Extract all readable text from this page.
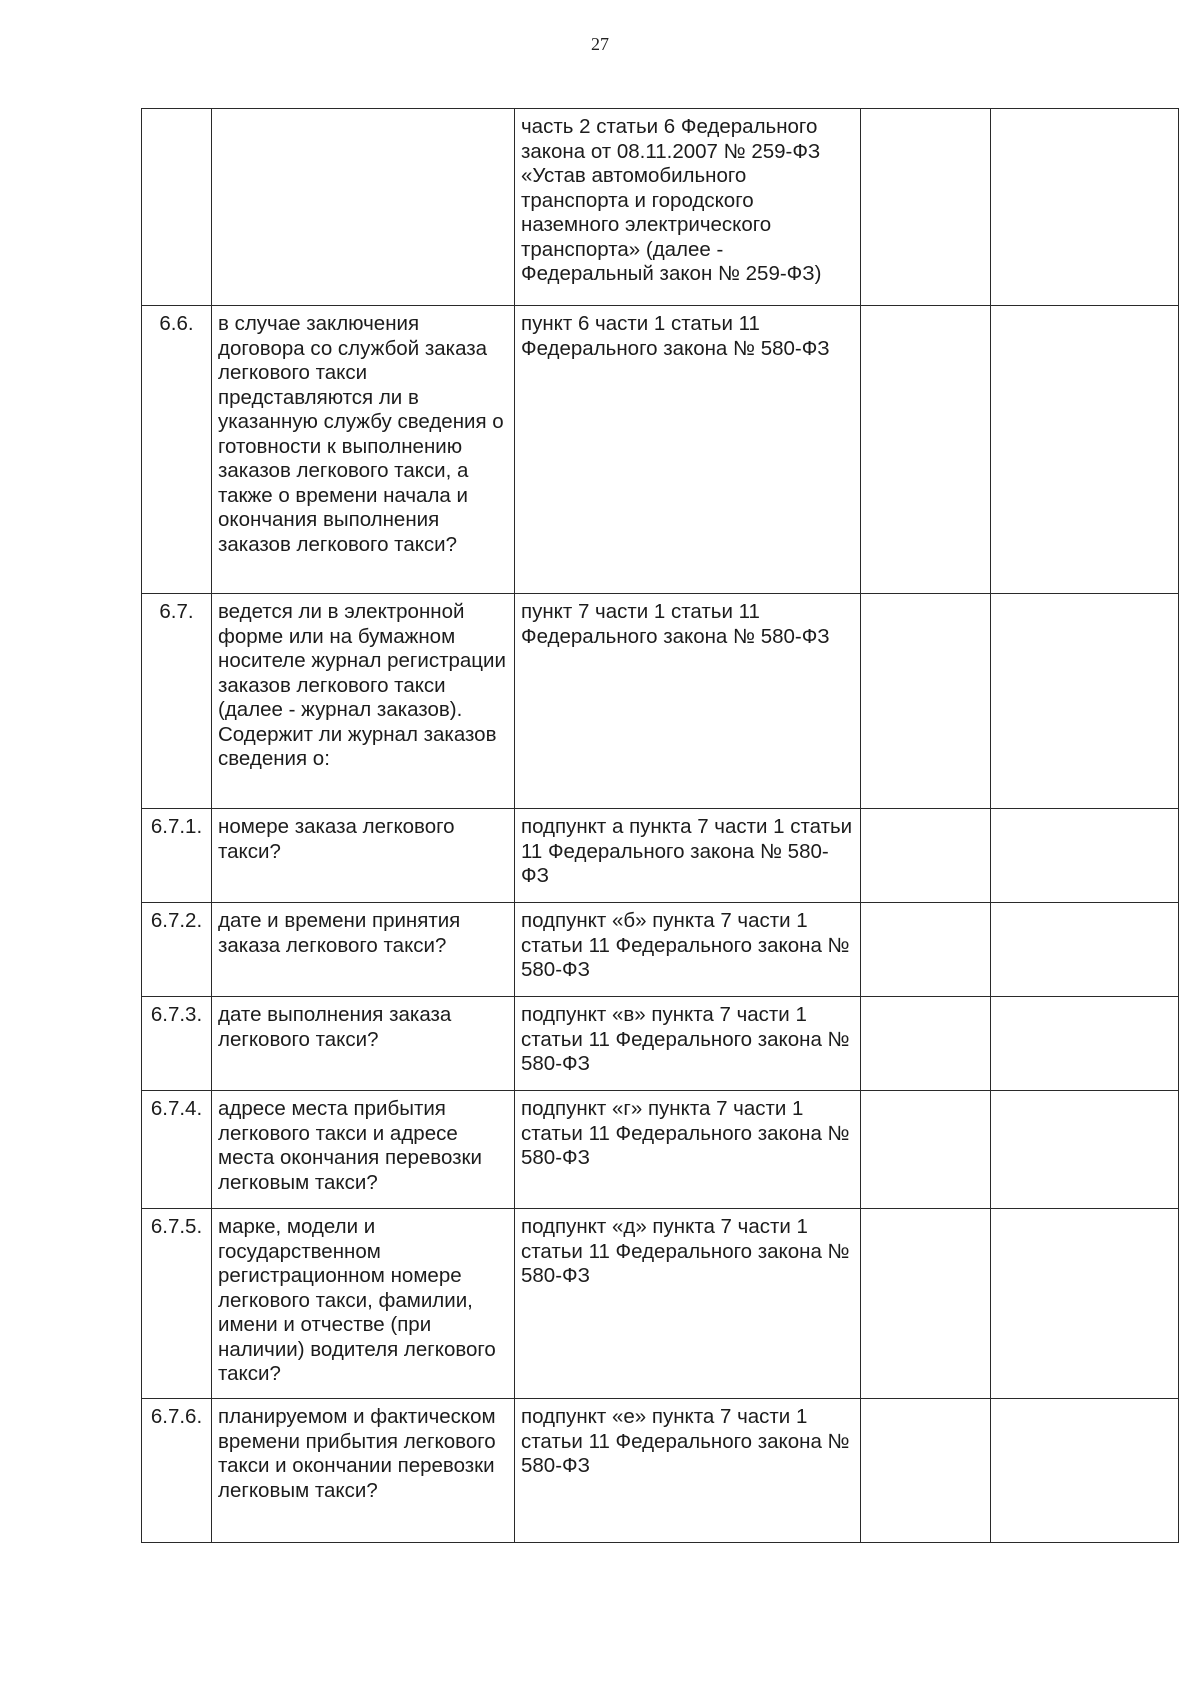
27
		часть 2 статьи 6 Федерального закона от 08.11.2007 № 259-ФЗ «Устав автомобильного транспорта и городского наземного электрического транспорта» (далее - Федеральный закон № 259-ФЗ)		
6.6.	в случае заключения договора со службой заказа легкового такси представляются ли в указанную службу сведения о готовности к выполнению заказов легкового такси, а также о времени начала и окончания выполнения заказов легкового такси?	пункт 6 части 1 статьи 11 Федерального закона № 580-ФЗ		
6.7.	ведется ли в электронной форме или на бумажном носителе журнал регистрации заказов легкового такси (далее - журнал заказов). Содержит ли журнал заказов сведения о:	пункт 7 части 1 статьи 11 Федерального закона № 580-ФЗ		
6.7.1.	номере заказа легкового такси?	подпункт а пункта 7 части 1 статьи 11 Федерального закона № 580-ФЗ		
6.7.2.	дате и времени принятия заказа легкового такси?	подпункт «б» пункта 7 части 1 статьи 11 Федерального закона № 580-ФЗ		
6.7.3.	дате выполнения заказа легкового такси?	подпункт «в» пункта 7 части 1 статьи 11 Федерального закона № 580-ФЗ		
6.7.4.	адресе места прибытия легкового такси и адресе места окончания перевозки легковым такси?	подпункт «г» пункта 7 части 1 статьи 11 Федерального закона № 580-ФЗ		
6.7.5.	марке, модели и государственном регистрационном номере легкового такси, фамилии, имени и отчестве (при наличии) водителя легкового такси?	подпункт «д» пункта 7 части 1 статьи 11 Федерального закона № 580-ФЗ		
6.7.6.	планируемом и фактическом времени прибытия легкового такси и окончании перевозки легковым такси?	подпункт «е» пункта 7 части 1 статьи 11 Федерального закона № 580-ФЗ		
